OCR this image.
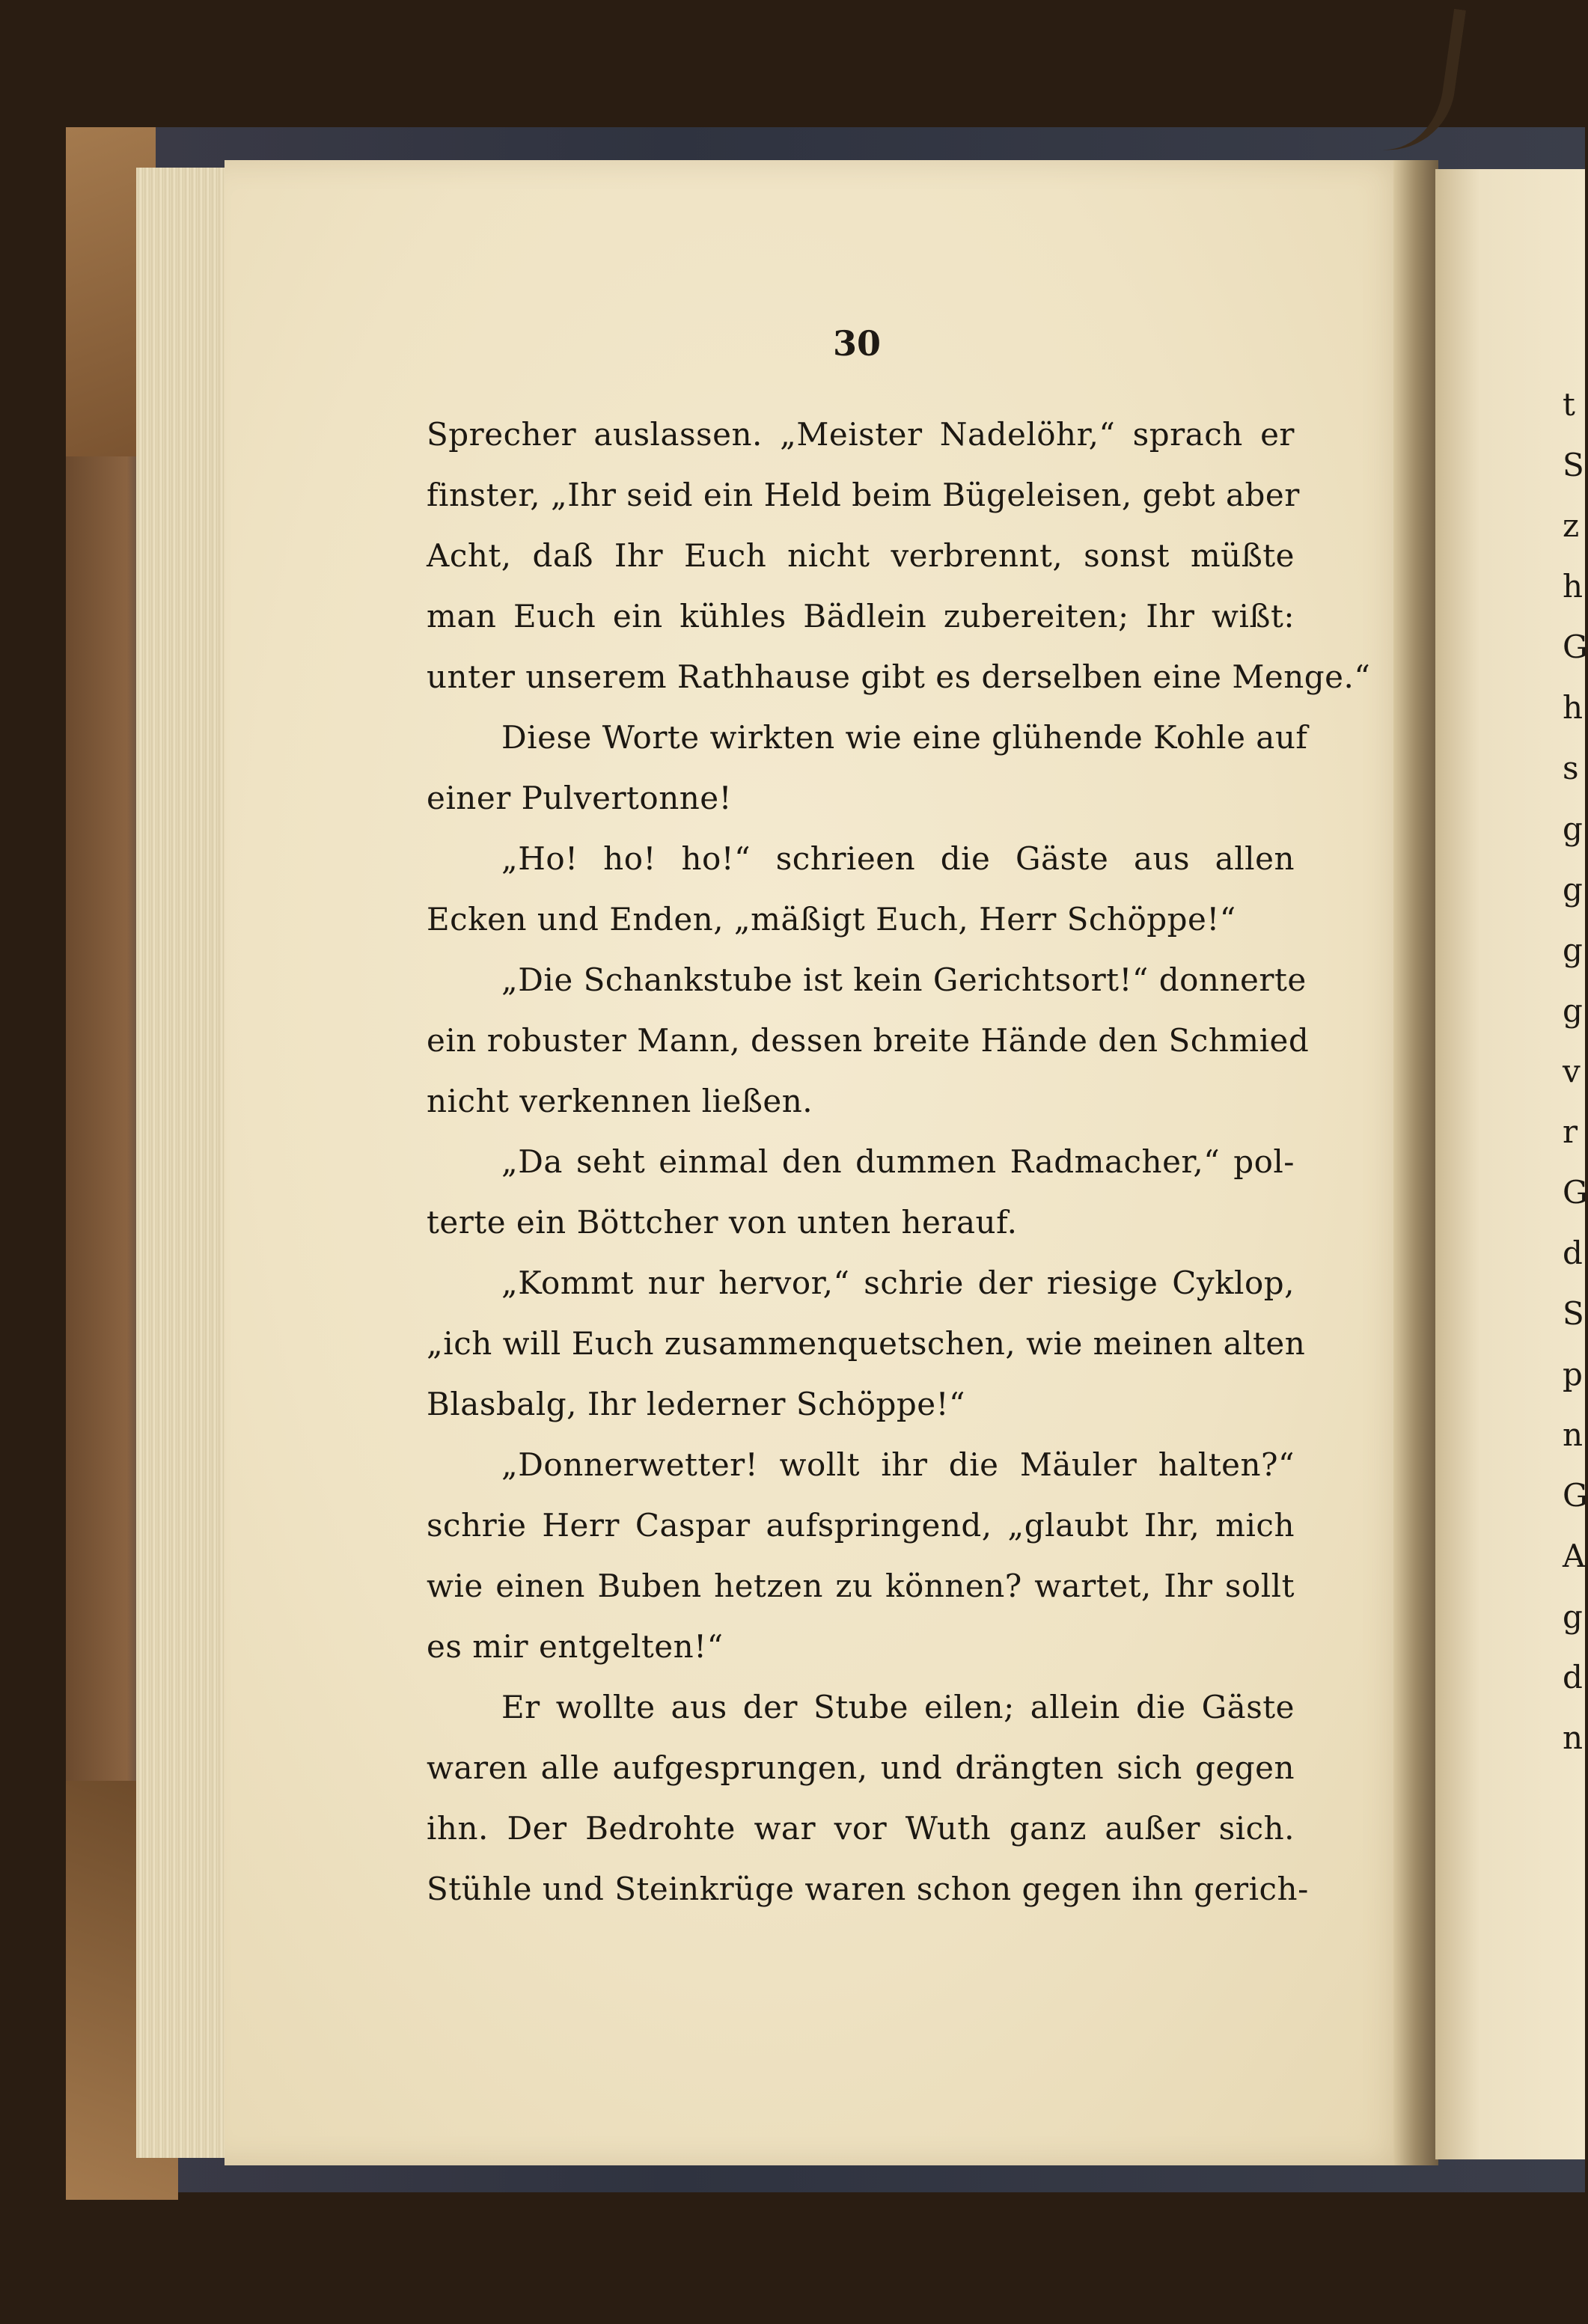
30
Sprecher auslassen. „Meister Nadelöhr,“ sprach er
finster, „Ihr seid ein Held beim Bügeleisen, gebt aber
Acht, daß Ihr Euch nicht verbrennt, sonst müßte
man Euch ein kühles Bädlein zubereiten; Ihr wißt:
unter unserem Rathhause gibt es derselben eine Menge.“
Diese Worte wirkten wie eine glühende Kohle auf
einer Pulvertonne!
„Ho! ho! ho!“ schrieen die Gäste aus allen
Ecken und Enden, „mäßigt Euch, Herr Schöppe!“
„Die Schankstube ist kein Gerichtsort!“ donnerte
ein robuster Mann, dessen breite Hände den Schmied
nicht verkennen ließen.
„Da seht einmal den dummen Radmacher,“ pol-
terte ein Böttcher von unten herauf.
„Kommt nur hervor,“ schrie der riesige Cyklop,
„ich will Euch zusammenquetschen, wie meinen alten
Blasbalg, Ihr lederner Schöppe!“
„Donnerwetter! wollt ihr die Mäuler halten?“
schrie Herr Caspar aufspringend, „glaubt Ihr, mich
wie einen Buben hetzen zu können? wartet, Ihr sollt
es mir entgelten!“
Er wollte aus der Stube eilen; allein die Gäste
waren alle aufgesprungen, und drängten sich gegen
ihn. Der Bedrohte war vor Wuth ganz außer sich.
Stühle und Steinkrüge waren schon gegen ihn gerich-
t
S
z
h
G
h
s
g
g
g
g
v
r
G
d
S
p
n
G
A
g
d
n
